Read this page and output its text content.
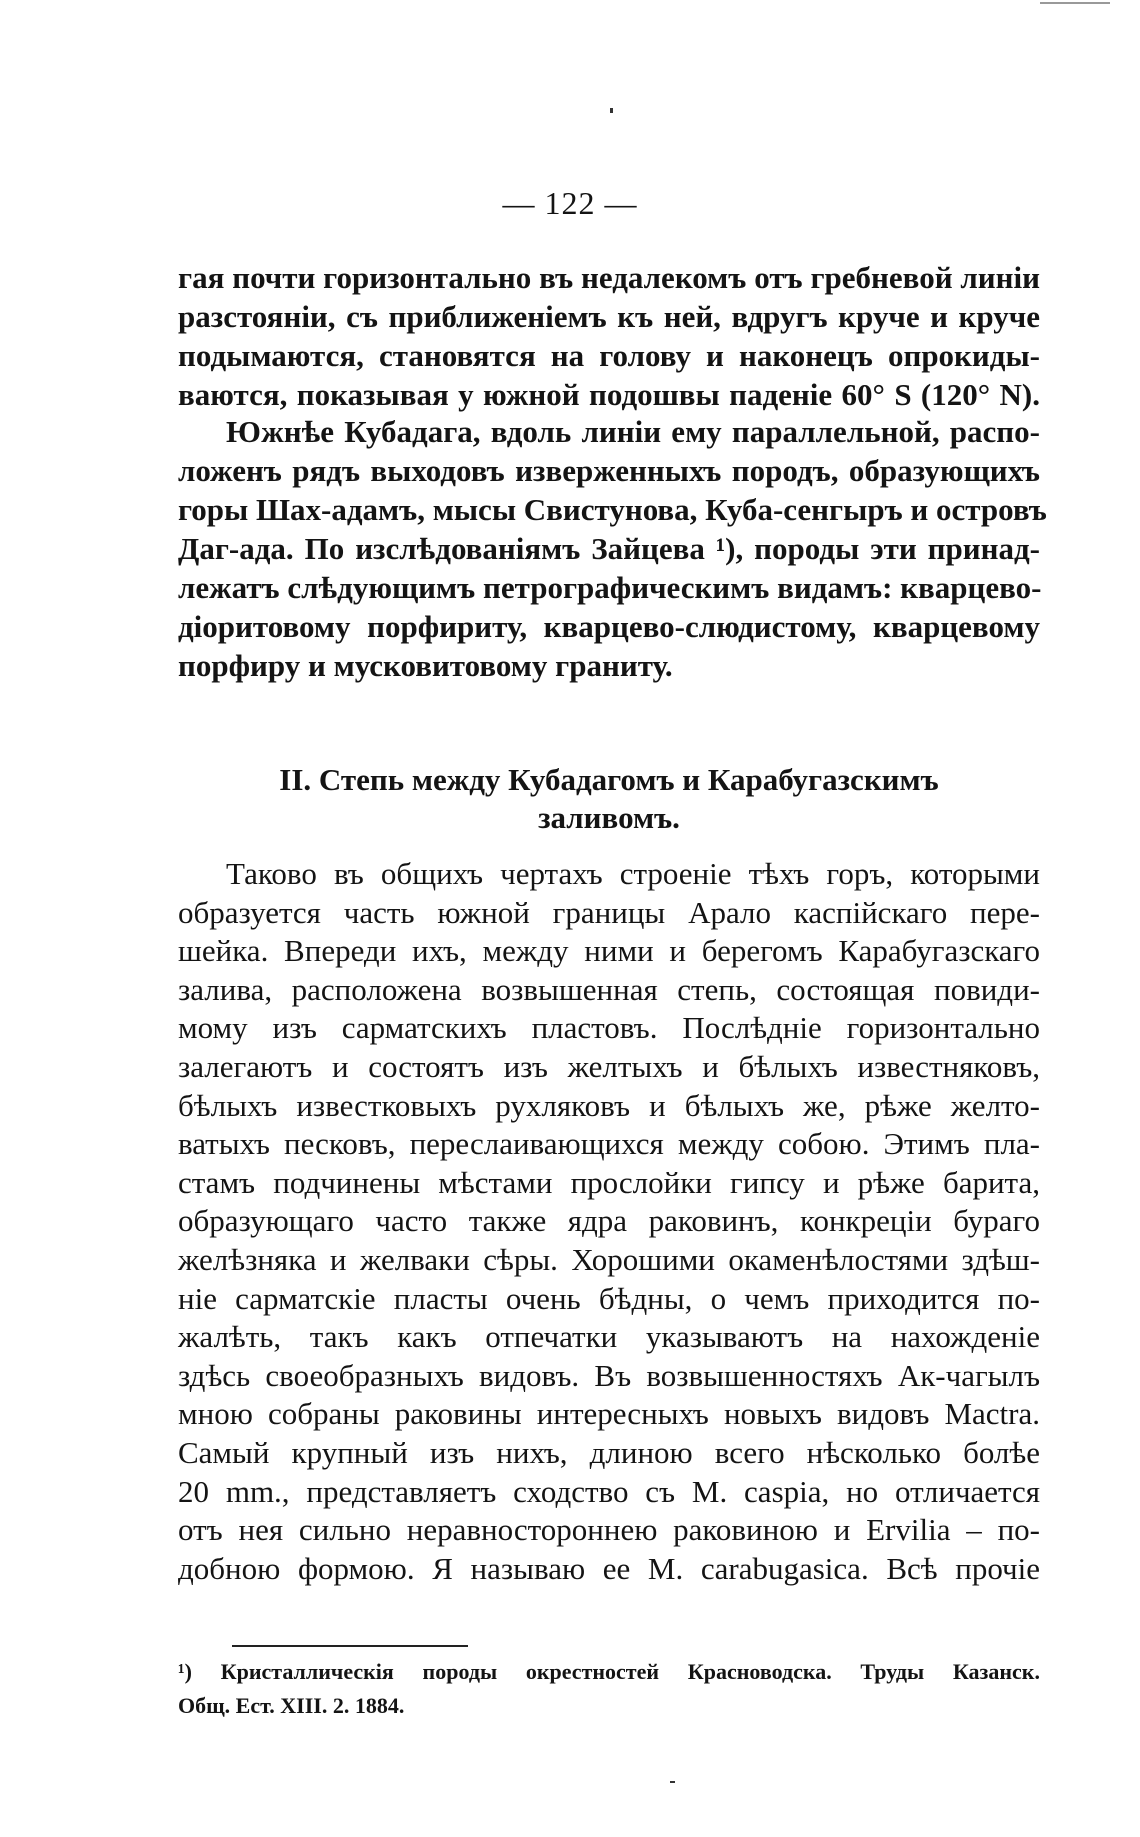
— 122 —
гая почти горизонтально въ недалекомъ отъ гребневой линіи
разстояніи, съ приближеніемъ къ ней, вдругъ круче и круче
подымаются, становятся на голову и наконецъ опрокиды-
ваются, показывая у южной подошвы паденіе 60° S (120° N).
Южнѣе Кубадага, вдоль линіи ему параллельной, распо-
ложенъ рядъ выходовъ изверженныхъ породъ, образующихъ
горы Шах-адамъ, мысы Свистунова, Куба-сенгыръ и островъ
Даг-ада. По изслѣдованіямъ Зайцева ¹), породы эти принад-
лежатъ слѣдующимъ петрографическимъ видамъ: кварцево-
діоритовому порфириту, кварцево-слюдистому, кварцевому
порфиру и мусковитовому граниту.
II. Степь между Кубадагомъ и Карабугазскимъ
заливомъ.
Таково въ общихъ чертахъ строеніе тѣхъ горъ, которыми
образуется часть южной границы Арало каспійскаго пере-
шейка. Впереди ихъ, между ними и берегомъ Карабугазскаго
залива, расположена возвышенная степь, состоящая повиди-
мому изъ сарматскихъ пластовъ. Послѣдніе горизонтально
залегаютъ и состоятъ изъ желтыхъ и бѣлыхъ известняковъ,
бѣлыхъ известковыхъ рухляковъ и бѣлыхъ же, рѣже желто-
ватыхъ песковъ, переслаивающихся между собою. Этимъ пла-
стамъ подчинены мѣстами прослойки гипсу и рѣже барита,
образующаго часто также ядра раковинъ, конкреціи бураго
желѣзняка и желваки сѣры. Хорошими окаменѣлостями здѣш-
ніе сарматскіе пласты очень бѣдны, о чемъ приходится по-
жалѣть, такъ какъ отпечатки указываютъ на нахожденіе
здѣсь своеобразныхъ видовъ. Въ возвышенностяхъ Ак-чагылъ
мною собраны раковины интересныхъ новыхъ видовъ Mactra.
Самый крупный изъ нихъ, длиною всего нѣсколько болѣе
20 mm., представляетъ сходство съ M. caspia, но отличается
отъ нея сильно неравностороннею раковиною и Ervilia – по-
добною формою. Я называю ее M. carabugasica. Всѣ прочіе
¹) Кристаллическія породы окрестностей Красноводска. Труды Казанск.
Общ. Ест. XIII. 2. 1884.
